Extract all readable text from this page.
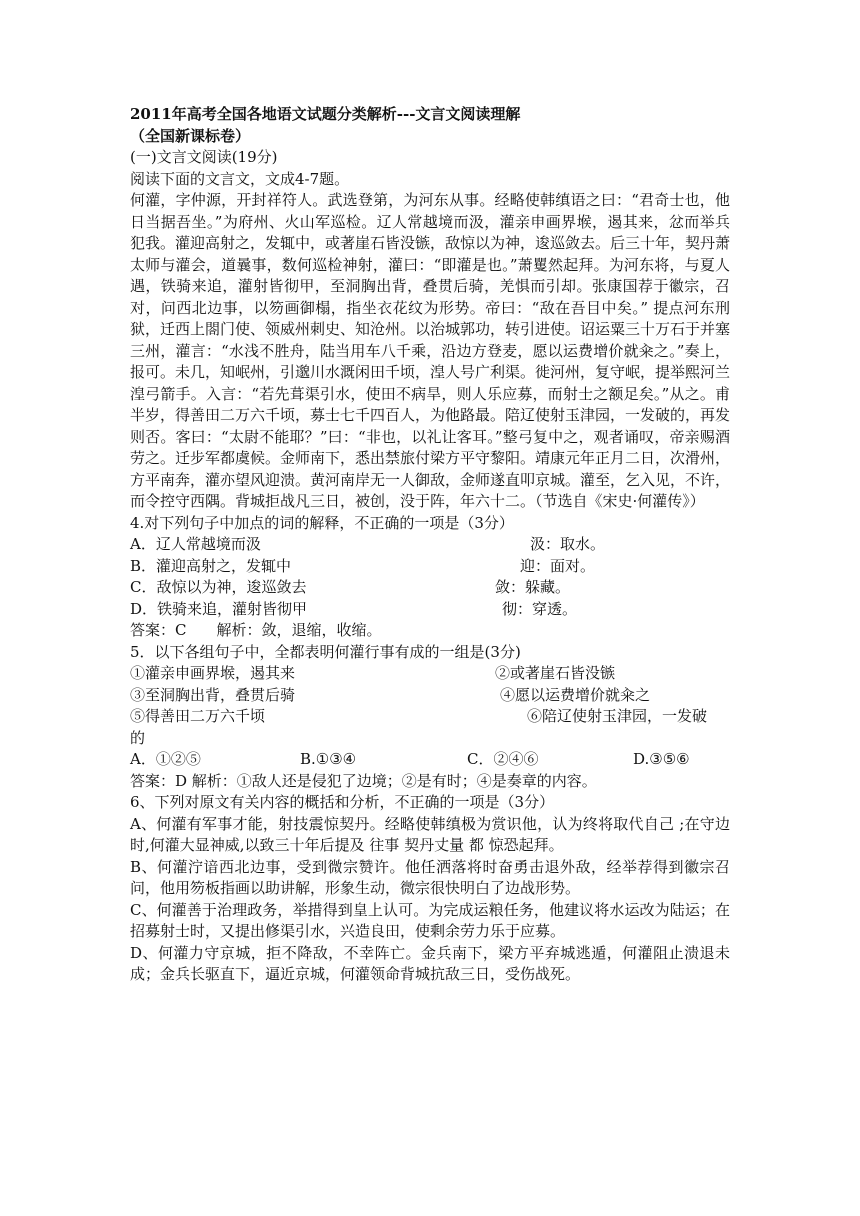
2011年高考全国各地语文试题分类解析---文言文阅读理解
（全国新课标卷）
(一)文言文阅读(19分)
阅读下面的文言文，文成4-7题。
何灌，字仲源，开封祥符人。武选登第，为河东从事。经略使韩缜语之曰：“君奇士也，他日当据吾坐。”为府州、火山军巡检。辽人常越境而汲，灌亲申画界堠，遏其来，忿而举兵犯我。灌迎高射之，发辄中，或著崖石皆没镞，敌惊以为神，逡巡敛去。后三十年，契丹萧太师与灌会，道曩事，数何巡检神射，灌曰：“即灌是也。”萧矍然起拜。为河东将，与夏人遇，铁骑来追，灌射皆彻甲，至洞胸出背，叠贯后骑，羌惧而引却。张康国荐于徽宗，召对，问西北边事，以笏画御榻，指坐衣花纹为形势。帝曰：“敌在吾目中矣。” 提点河东刑狱，迁西上閤门使、领威州刺史、知沧州。以治城郭功，转引进使。诏运粟三十万石于并塞三州，灌言：“水浅不胜舟，陆当用车八千乘，沿边方登麦，愿以运费增价就籴之。”奏上，报可。未几，知岷州，引邈川水溉闲田千顷，湟人号广利渠。徙河州，复守岷，提举熙河兰湟弓箭手。入言：“若先葺渠引水，使田不病旱，则人乐应募，而射士之额足矣。”从之。甫半岁，得善田二万六千顷，募士七千四百人，为他路最。陪辽使射玉津园，一发破的，再发则否。客曰：“太尉不能耶？”曰：“非也，以礼让客耳。”整弓复中之，观者诵叹，帝亲赐酒劳之。迁步军都虞候。金师南下，悉出禁旅付梁方平守黎阳。靖康元年正月二日，次滑州，方平南奔，灌亦望风迎溃。黄河南岸无一人御敌，金师遂直叩京城。灌至，乞入见，不许，而令控守西隅。背城拒战凡三日，被创，没于阵，年六十二。（节选自《宋史·何灌传》）
4.对下列句子中加点的词的解释，不正确的一项是（3分）
A．辽人常越境而汲	汲：取水。
B．灌迎高射之，发辄中	迎：面对。
C．敌惊以为神，逡巡敛去	敛：躲藏。
D．铁骑来追，灌射皆彻甲	彻：穿透。
答案：C　　解析：敛，退缩，收缩。
5．以下各组句子中，全都表明何灌行事有成的一组是(3分)
①灌亲申画界堠，遏其来	②或著崖石皆没镞
③至洞胸出背，叠贯后骑	④愿以运费增价就籴之
⑤得善田二万六千顷	⑥陪辽使射玉津园，一发破
的
A．①②⑤	B.①③④	C．②④⑥	D.③⑤⑥
答案：D 解析：①敌人还是侵犯了边境；②是有时；④是奏章的内容。
6、下列对原文有关内容的概括和分析，不正确的一项是（3分）
A、何灌有军事才能，射技震惊契丹。经略使韩缜极为赏识他，认为终将取代自己 ;在守边时,何灌大显神威,以致三十年后提及 往事 契丹丈量 都 惊恐起拜。
B、何灌泞谙西北边事，受到微宗赞许。他任洒落将时奋勇击退外敌，经举荐得到徽宗召问，他用笏板指画以助讲解，形象生动，微宗很快明白了边战形势。
C、何灌善于治理政务，举措得到皇上认可。为完成运粮任务，他建议将水运改为陆运；在招募射士时，又提出修渠引水，兴造良田，使剩余劳力乐于应募。
D、何灌力守京城，拒不降敌，不幸阵亡。金兵南下，梁方平弃城逃遁，何灌阻止溃退未成；金兵长驱直下，逼近京城，何灌领命背城抗敌三日，受伤战死。
